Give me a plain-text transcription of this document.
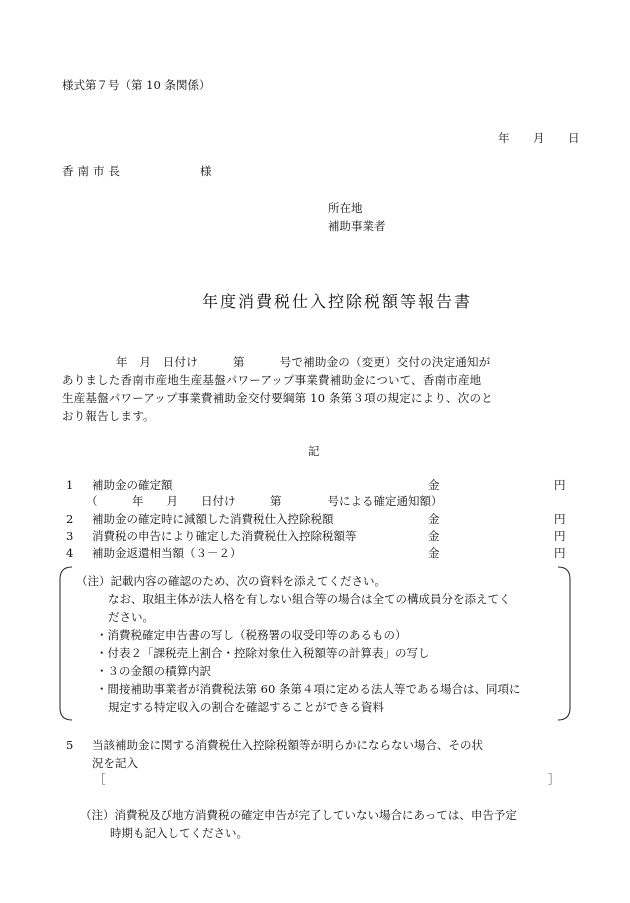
様式第７号（第 10 条関係）
年　月　日
香南市長	様
所在地
補助事業者
年度消費税仕入控除税額等報告書
年　月　日付け　　　第　　　号で補助金の（変更）交付の決定通知が
ありました香南市産地生産基盤パワーアップ事業費補助金について、香南市産地
生産基盤パワーアップ事業費補助金交付要綱第 10 条第３項の規定により、次のと
おり報告します。
記
1 補助金の確定額	金	円
（　　　年　　月　　日付け　　　第　　　　号による確定通知額）
2 補助金の確定時に減額した消費税仕入控除税額	金	円
3 消費税の申告により確定した消費税仕入控除税額等	金	円
4 補助金返還相当額（３－２）	金	円
（注）記載内容の確認のため、次の資料を添えてください。
なお、取組主体が法人格を有しない組合等の場合は全ての構成員分を添えてく
ださい。
・消費税確定申告書の写し（税務署の収受印等のあるもの）
・付表２「課税売上割合・控除対象仕入税額等の計算表」の写し
・３の金額の積算内訳
・間接補助事業者が消費税法第 60 条第４項に定める法人等である場合は、同項に
規定する特定収入の割合を確認することができる資料
5 当該補助金に関する消費税仕入控除税額等が明らかにならない場合、その状
況を記入
［	］
（注）消費税及び地方消費税の確定申告が完了していない場合にあっては、申告予定
時期も記入してください。
